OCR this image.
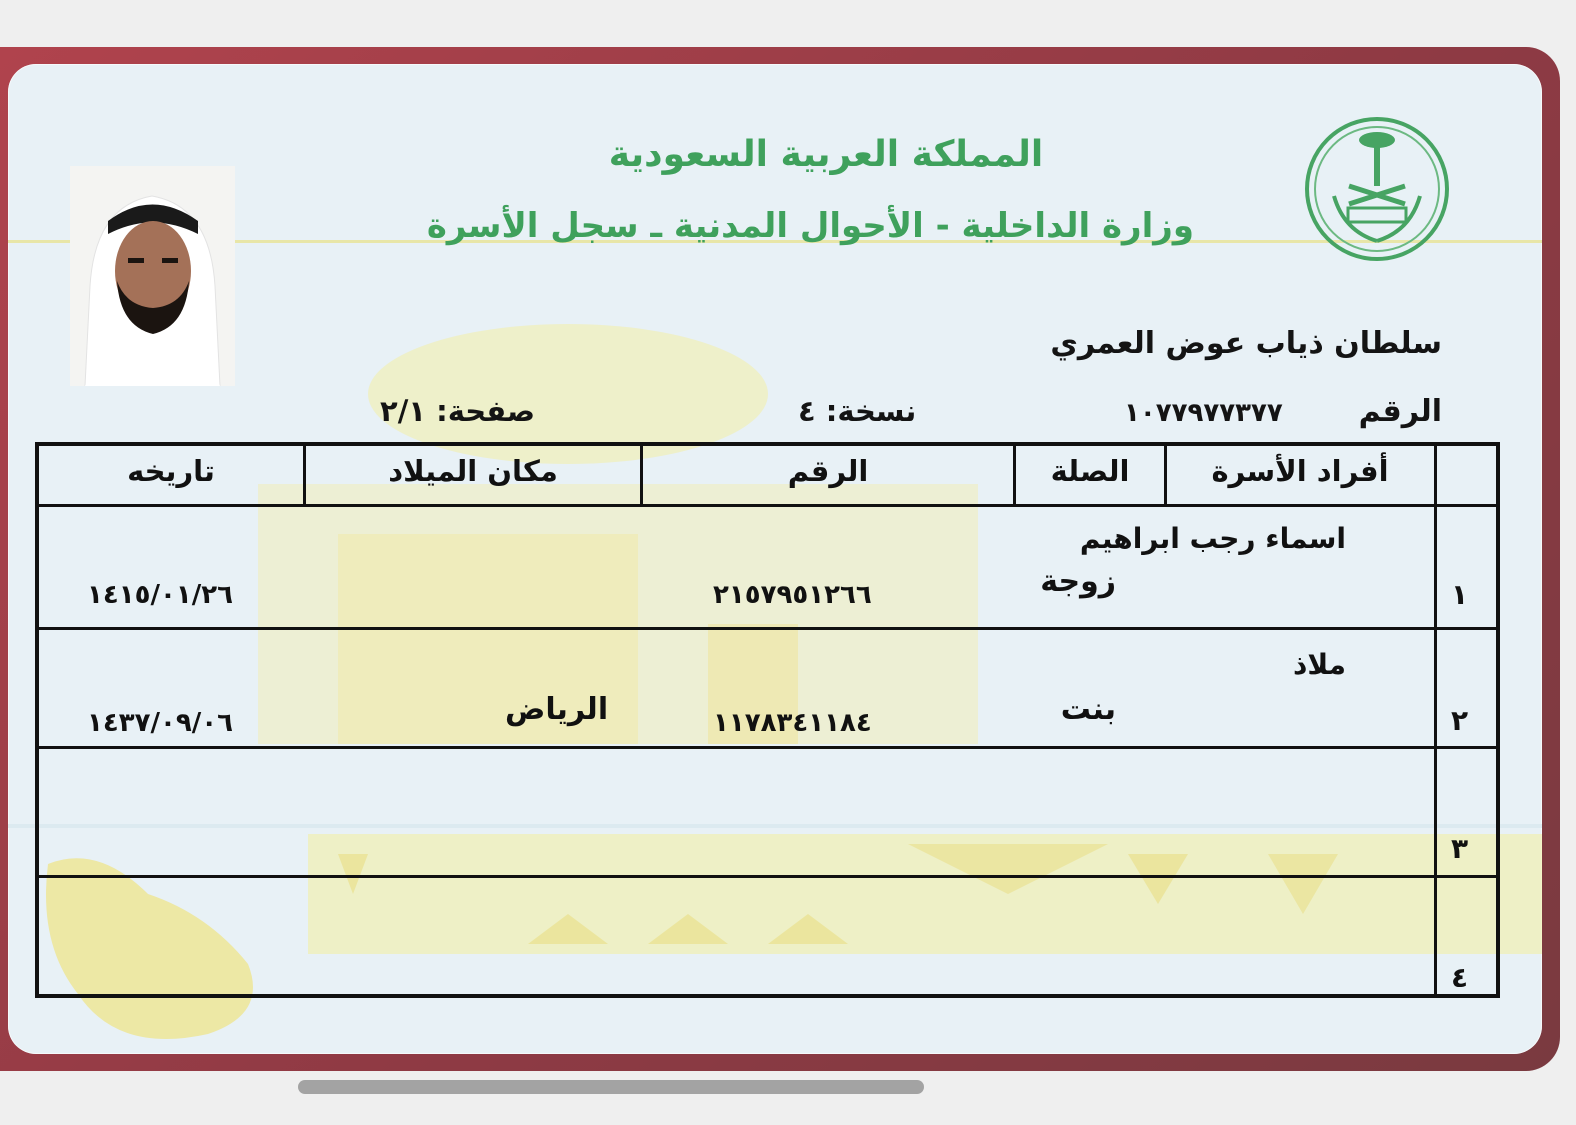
المملكة العربية السعودية
وزارة الداخلية - الأحوال المدنية ـ سجل الأسرة
سلطان ذياب عوض العمري
الرقم
١٠٧٧٩٧٧٣٧٧
نسخة: ٤
صفحة: ٢/١
أفراد الأسرة
الصلة
الرقم
مكان الميلاد
تاريخه
١
اسماء رجب ابراهيم
زوجة
٢١٥٧٩٥١٢٦٦
١٤١٥/٠١/٢٦
٢
ملاذ
بنت
١١٧٨٣٤١١٨٤
الرياض
١٤٣٧/٠٩/٠٦
٣
٤
